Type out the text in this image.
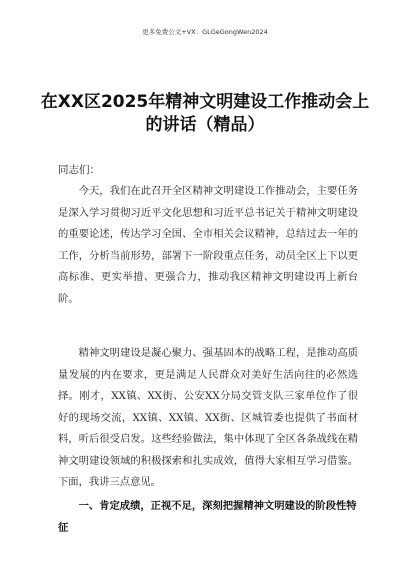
更多免费公文+VX：GLGeGongWen2024
在XX区2025年精神文明建设工作推动会上的讲话（精品）

同志们：

今天，我们在此召开全区精神文明建设工作推动会，主要任务是深入学习贯彻习近平文化思想和习近平总书记关于精神文明建设的重要论述，传达学习全国、全市相关会议精神，总结过去一年的工作，分析当前形势，部署下一阶段重点任务，动员全区上下以更高标准、更实举措、更强合力，推动我区精神文明建设再上新台阶。

精神文明建设是凝心聚力、强基固本的战略工程，是推动高质量发展的内在要求，更是满足人民群众对美好生活向往的必然选择。刚才，XX镇、XX街、公安XX分局交管支队三家单位作了很好的现场交流，XX镇、XX镇、XX街、区城管委也提供了书面材料，听后很受启发。这些经验做法，集中体现了全区各条战线在精神文明建设领域的积极探索和扎实成效，值得大家相互学习借鉴。下面，我讲三点意见。

一、肯定成绩，正视不足，深刻把握精神文明建设的阶段性特征
